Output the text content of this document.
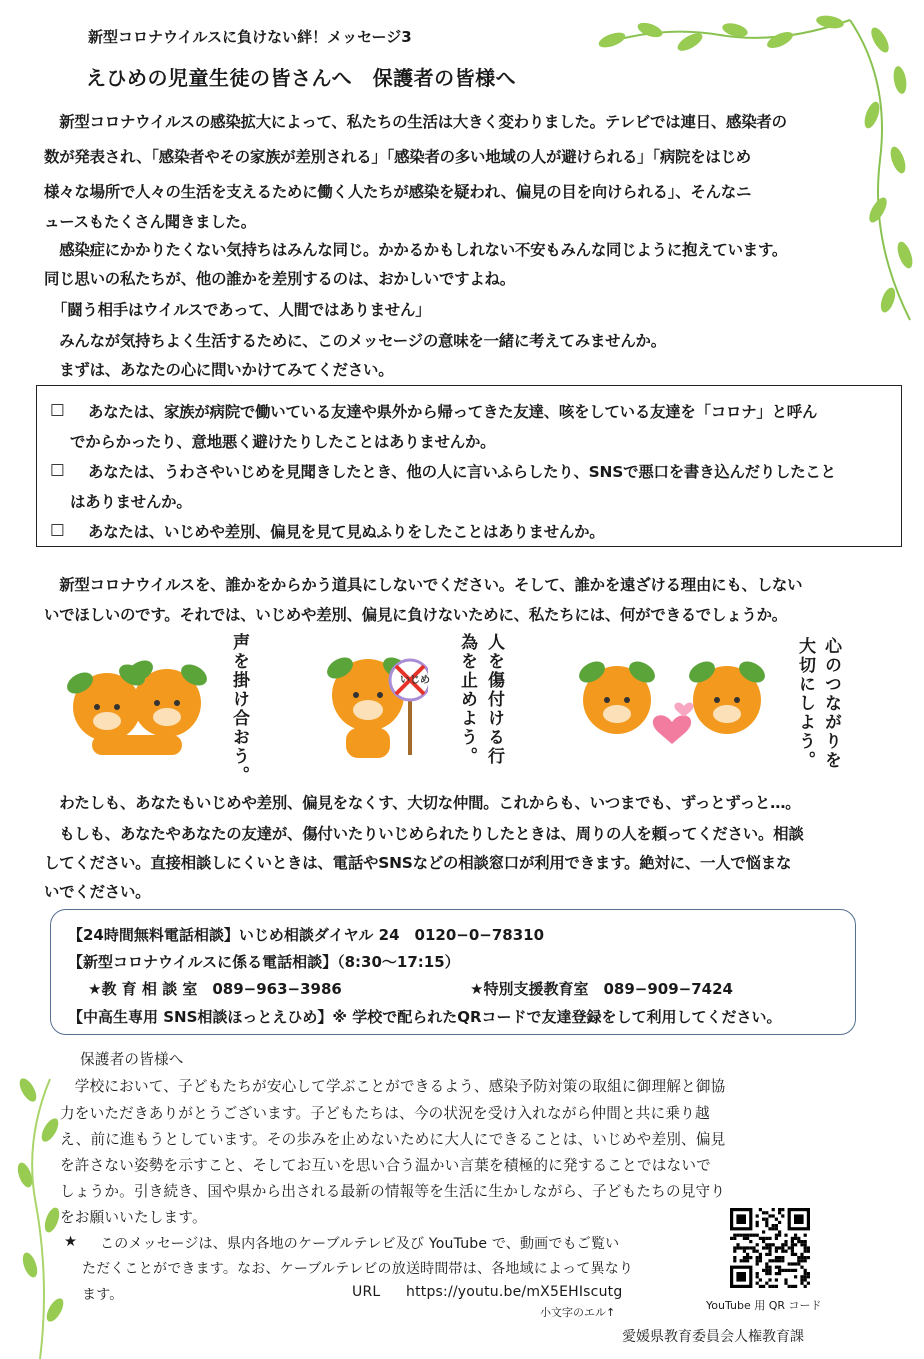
新型コロナウイルスに負けない絆！メッセージ3
えひめの児童生徒の皆さんへ　保護者の皆様へ
　新型コロナウイルスの感染拡大によって、私たちの生活は大きく変わりました。テレビでは連日、感染者の
数が発表され、「感染者やその家族が差別される」「感染者の多い地域の人が避けられる」「病院をはじめ
様々な場所で人々の生活を支えるために働く人たちが感染を疑われ、偏見の目を向けられる」、そんなニ
ュースもたくさん聞きました。
　感染症にかかりたくない気持ちはみんな同じ。かかるかもしれない不安もみんな同じように抱えています。
同じ思いの私たちが、他の誰かを差別するのは、おかしいですよね。
「闘う相手はウイルスであって、人間ではありません」
　みんなが気持ちよく生活するために、このメッセージの意味を一緒に考えてみませんか。
　まずは、あなたの心に問いかけてみてください。
□ あなたは、家族が病院で働いている友達や県外から帰ってきた友達、咳をしている友達を「コロナ」と呼ん
でからかったり、意地悪く避けたりしたことはありませんか。
□ あなたは、うわさやいじめを見聞きしたとき、他の人に言いふらしたり、SNSで悪口を書き込んだりしたこと
はありませんか。
□ あなたは、いじめや差別、偏見を見て見ぬふりをしたことはありませんか。
　新型コロナウイルスを、誰かをからかう道具にしないでください。そして、誰かを遠ざける理由にも、しない
いでほしいのです。それでは、いじめや差別、偏見に負けないために、私たちには、何ができるでしょうか。
声を掛け合おう。	いじめ	人を傷付ける行
為を止めよう。	心のつながりを
大切にしよう。
　わたしも、あなたもいじめや差別、偏見をなくす、大切な仲間。これからも、いつまでも、ずっとずっと…。
　もしも、あなたやあなたの友達が、傷付いたりいじめられたりしたときは、周りの人を頼ってください。相談
してください。直接相談しにくいときは、電話やSNSなどの相談窓口が利用できます。絶対に、一人で悩まな
いでください。
【24時間無料電話相談】いじめ相談ダイヤル 24　0120−0−78310
【新型コロナウイルスに係る電話相談】（8:30〜17:15）
★教 育 相 談 室　089−963−3986	★特別支援教育室　089−909−7424
【中高生専用 SNS相談ほっとえひめ】※ 学校で配られたQRコードで友達登録をして利用してください。
保護者の皆様へ
　学校において、子どもたちが安心して学ぶことができるよう、感染予防対策の取組に御理解と御協
力をいただきありがとうございます。子どもたちは、今の状況を受け入れながら仲間と共に乗り越
え、前に進もうとしています。その歩みを止めないために大人にできることは、いじめや差別、偏見
を許さない姿勢を示すこと、そしてお互いを思い合う温かい言葉を積極的に発することではないで
しょうか。引き続き、国や県から出される最新の情報等を生活に生かしながら、子どもたちの見守り
をお願いいたします。
★ このメッセージは、県内各地のケーブルテレビ及び YouTube で、動画でもご覧い
ただくことができます。なお、ケーブルテレビの放送時間帯は、各地域によって異なり
ます。	URL https://youtu.be/mX5EHIscutg
小文字のエル↑
YouTube 用 QR コード
愛媛県教育委員会人権教育課
